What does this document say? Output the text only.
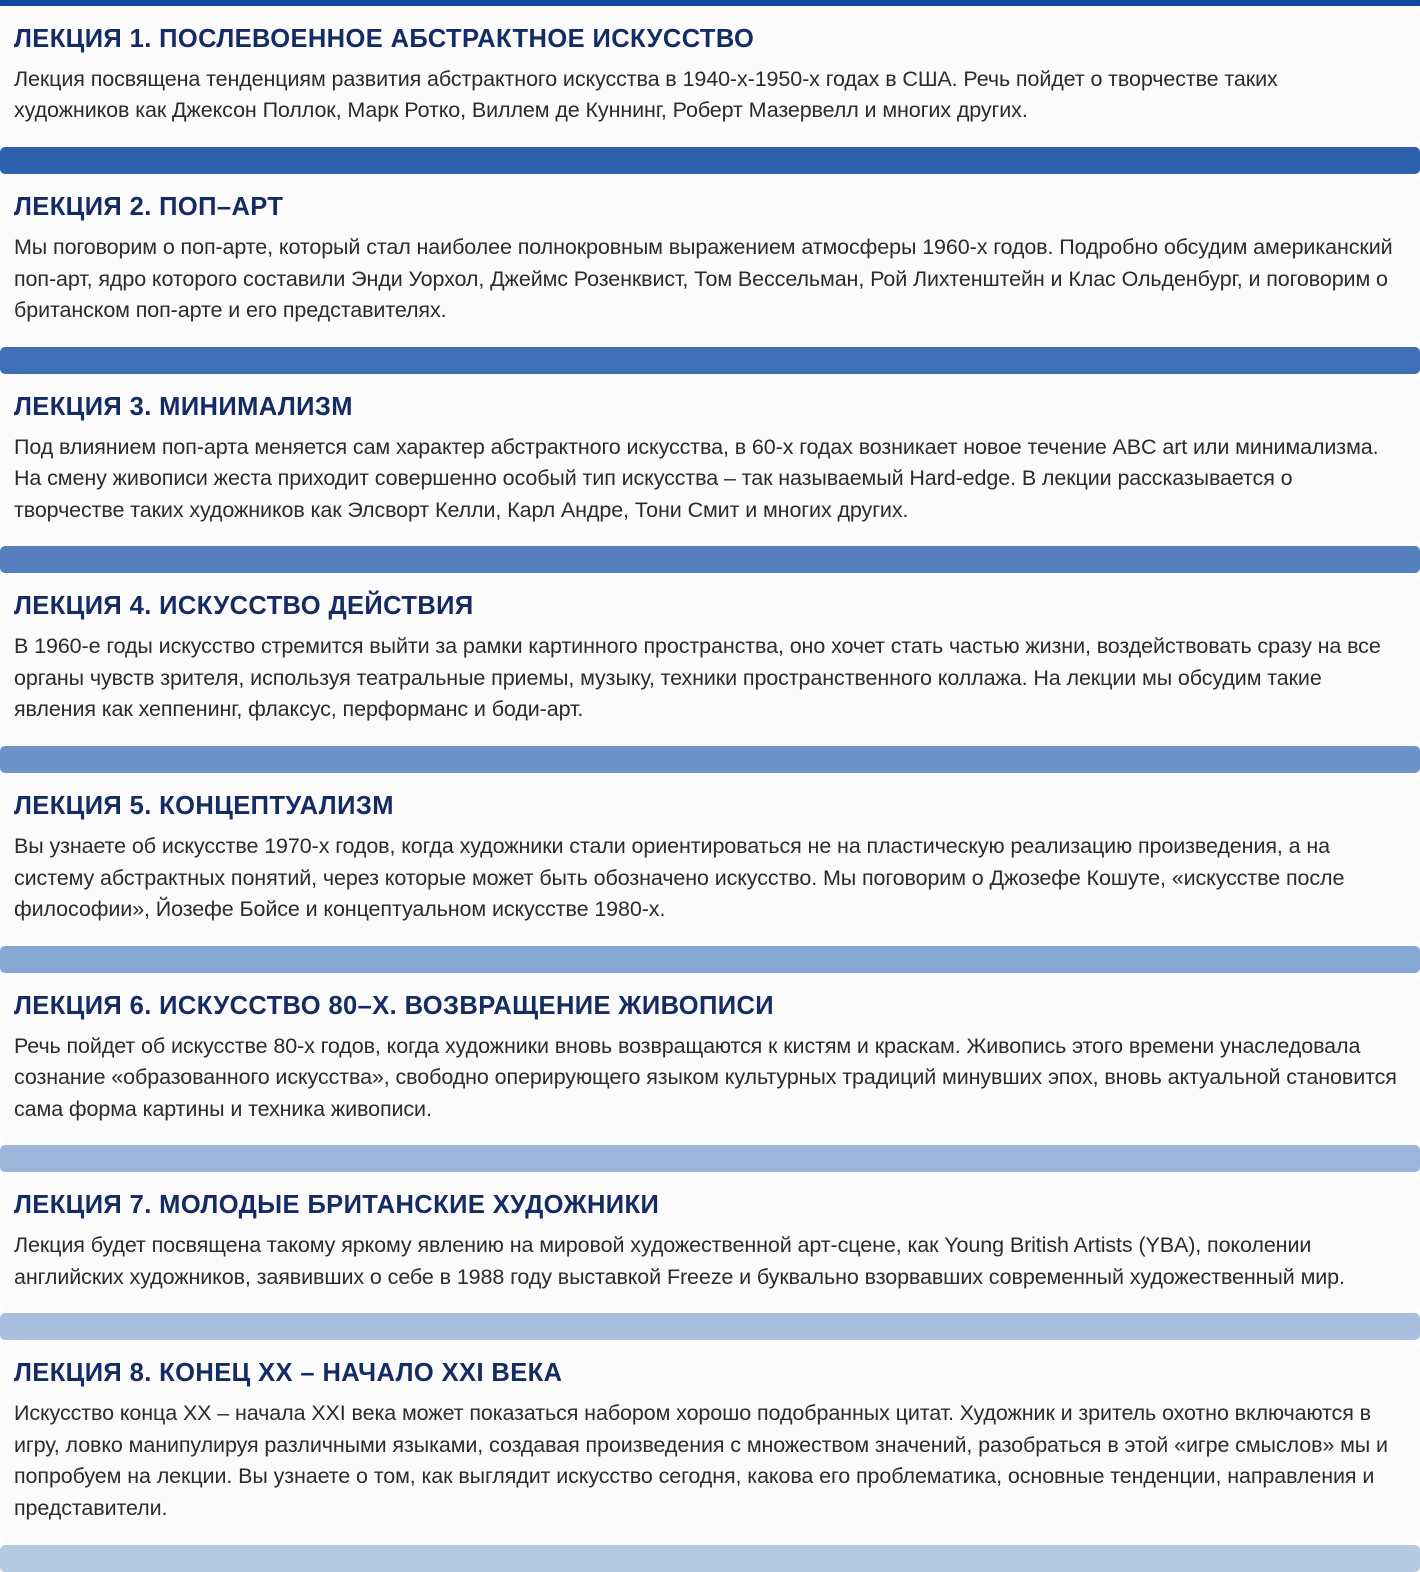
ЛЕКЦИЯ 1. ПОСЛЕВОЕННОЕ АБСТРАКТНОЕ ИСКУССТВО

Лекция посвящена тенденциям развития абстрактного искусства в 1940-х-1950-х годах в США. Речь пойдет о творчестве таких художников как Джексон Поллок, Марк Ротко, Виллем де Куннинг, Роберт Мазервелл и многих других.

ЛЕКЦИЯ 2. ПОП–АРТ

Мы поговорим о поп-арте, который стал наиболее полнокровным выражением атмосферы 1960-х годов. Подробно обсудим американский поп-арт, ядро которого составили Энди Уорхол, Джеймс Розенквист, Том Вессельман, Рой Лихтенштейн и Клас Ольденбург, и поговорим о британском поп-арте и его представителях.

ЛЕКЦИЯ 3. МИНИМАЛИЗМ

Под влиянием поп-арта меняется сам характер абстрактного искусства, в 60-х годах возникает новое течение ABC art или минимализма. На смену живописи жеста приходит совершенно особый тип искусства – так называемый Hard-edge. В лекции рассказывается о творчестве таких художников как Элсворт Келли, Карл Андре, Тони Смит и многих других.

ЛЕКЦИЯ 4. ИСКУССТВО ДЕЙСТВИЯ

В 1960-е годы искусство стремится выйти за рамки картинного пространства, оно хочет стать частью жизни, воздействовать сразу на все органы чувств зрителя, используя театральные приемы, музыку, техники пространственного коллажа. На лекции мы обсудим такие явления как хеппенинг, флаксус, перформанс и боди-арт.

ЛЕКЦИЯ 5. КОНЦЕПТУАЛИЗМ

Вы узнаете об искусстве 1970-х годов, когда художники стали ориентироваться не на пластическую реализацию произведения, а на систему абстрактных понятий, через которые может быть обозначено искусство. Мы поговорим о Джозефе Кошуте, «искусстве после философии», Йозефе Бойсе и концептуальном искусстве 1980-х.

ЛЕКЦИЯ 6. ИСКУССТВО 80–Х. ВОЗВРАЩЕНИЕ ЖИВОПИСИ

Речь пойдет об искусстве 80-х годов, когда художники вновь возвращаются к кистям и краскам. Живопись этого времени унаследовала сознание «образованного искусства», свободно оперирующего языком культурных традиций минувших эпох, вновь актуальной становится сама форма картины и техника живописи.

ЛЕКЦИЯ 7. МОЛОДЫЕ БРИТАНСКИЕ ХУДОЖНИКИ

Лекция будет посвящена такому яркому явлению на мировой художественной арт-сцене, как Young British Artists (YBA), поколении английских художников, заявивших о себе в 1988 году выставкой Freeze и буквально взорвавших современный художественный мир.

ЛЕКЦИЯ 8. КОНЕЦ XX – НАЧАЛО XXI ВЕКА

Искусство конца XX – начала XXI века может показаться набором хорошо подобранных цитат. Художник и зритель охотно включаются в игру, ловко манипулируя различными языками, создавая произведения с множеством значений, разобраться в этой «игре смыслов» мы и попробуем на лекции. Вы узнаете о том, как выглядит искусство сегодня, какова его проблематика, основные тенденции, направления и представители.
